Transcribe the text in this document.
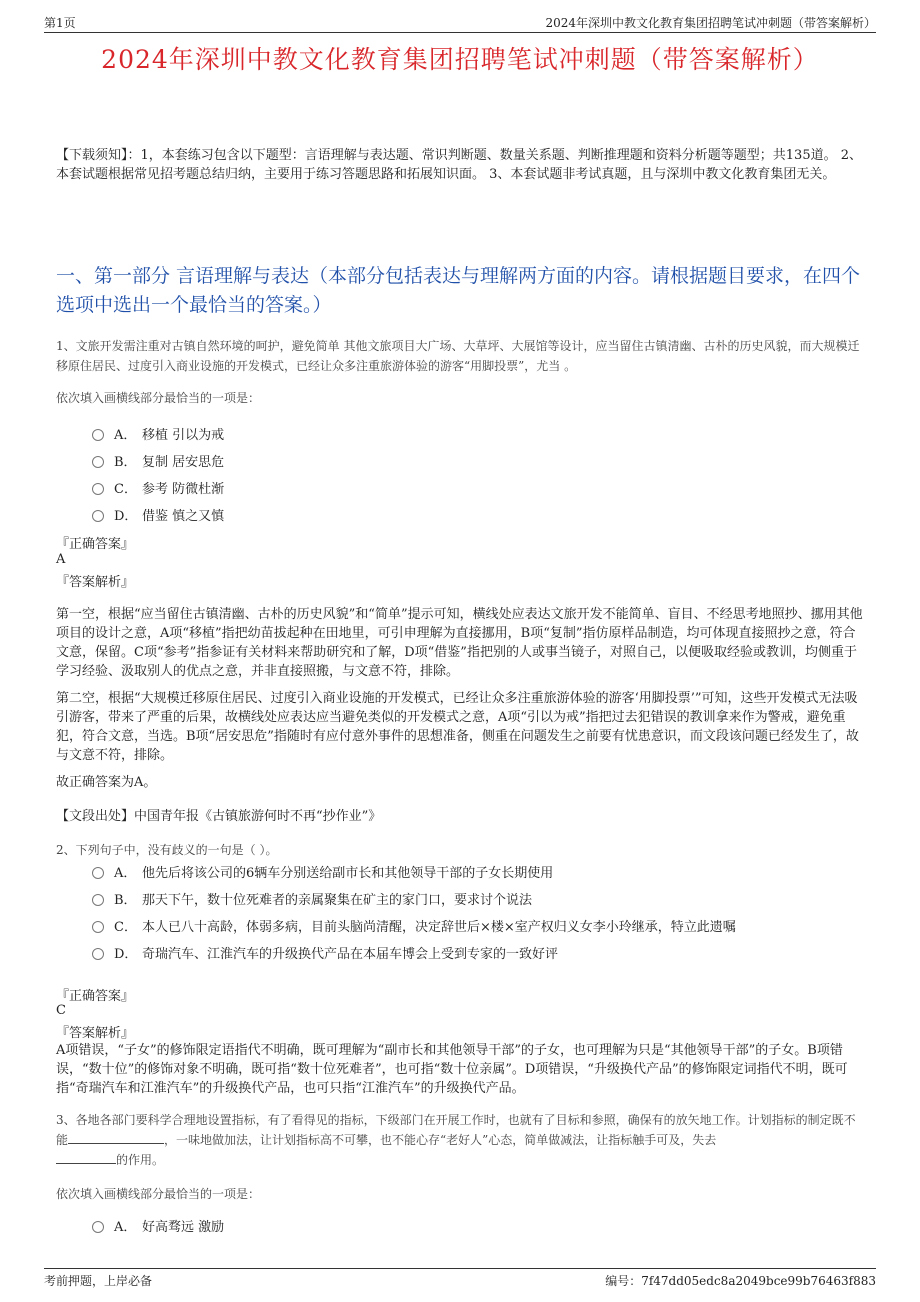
第1页	2024年深圳中教文化教育集团招聘笔试冲刺题（带答案解析）
2024年深圳中教文化教育集团招聘笔试冲刺题（带答案解析）
【下载须知】：1，本套练习包含以下题型：言语理解与表达题、常识判断题、数量关系题、判断推理题和资料分析题等题型；共135道。 2、本套试题根据常见招考题总结归纳，主要用于练习答题思路和拓展知识面。 3、本套试题非考试真题，且与深圳中教文化教育集团无关。
一、第一部分 言语理解与表达（本部分包括表达与理解两方面的内容。请根据题目要求，在四个选项中选出一个最恰当的答案。）
1、文旅开发需注重对古镇自然环境的呵护，避免简单 其他文旅项目大广场、大草坪、大展馆等设计，应当留住古镇清幽、古朴的历史风貌，而大规模迁移原住居民、过度引入商业设施的开发模式，已经让众多注重旅游体验的游客“用脚投票”，尤当 。
依次填入画横线部分最恰当的一项是：
A． 移植 引以为戒
B． 复制 居安思危
C． 参考 防微杜渐
D． 借鉴 慎之又慎
『正确答案』
A
『答案解析』
第一空，根据“应当留住古镇清幽、古朴的历史风貌”和“简单”提示可知，横线处应表达文旅开发不能简单、盲目、不经思考地照抄、挪用其他项目的设计之意，A项“移植”指把幼苗拔起种在田地里，可引申理解为直接挪用，B项“复制”指仿原样品制造，均可体现直接照抄之意，符合文意，保留。C项“参考”指参证有关材料来帮助研究和了解，D项“借鉴”指把别的人或事当镜子，对照自己，以便吸取经验或教训，均侧重于学习经验、汲取别人的优点之意，并非直接照搬，与文意不符，排除。
第二空，根据“大规模迁移原住居民、过度引入商业设施的开发模式，已经让众多注重旅游体验的游客‘用脚投票’”可知，这些开发模式无法吸引游客，带来了严重的后果，故横线处应表达应当避免类似的开发模式之意，A项“引以为戒”指把过去犯错误的教训拿来作为警戒，避免重犯，符合文意，当选。B项“居安思危”指随时有应付意外事件的思想准备，侧重在问题发生之前要有忧患意识，而文段该问题已经发生了，故与文意不符，排除。
故正确答案为A。
【文段出处】中国青年报《古镇旅游何时不再“抄作业”》
2、下列句子中，没有歧义的一句是（ ）。
A． 他先后将该公司的6辆车分别送给副市长和其他领导干部的子女长期使用
B． 那天下午，数十位死难者的亲属聚集在矿主的家门口，要求讨个说法
C． 本人已八十高龄，体弱多病，目前头脑尚清醒，决定辞世后×楼×室产权归义女李小玲继承，特立此遗嘱
D． 奇瑞汽车、江淮汽车的升级换代产品在本届车博会上受到专家的一致好评
『正确答案』
C
『答案解析』
A项错误，“子女”的修饰限定语指代不明确，既可理解为“副市长和其他领导干部”的子女，也可理解为只是“其他领导干部”的子女。B项错误，“数十位”的修饰对象不明确，既可指“数十位死难者”，也可指“数十位亲属”。D项错误，“升级换代产品”的修饰限定词指代不明，既可指“奇瑞汽车和江淮汽车”的升级换代产品，也可只指“江淮汽车”的升级换代产品。
3、各地各部门要科学合理地设置指标，有了看得见的指标，下级部门在开展工作时，也就有了目标和参照，确保有的放矢地工作。计划指标的制定既不能	，一味地做加法，让计划指标高不可攀，也不能心存“老好人”心态，简单做减法，让指标触手可及，失去
的作用。
依次填入画横线部分最恰当的一项是：
A． 好高骛远 激励
考前押题，上岸必备	编号：7f47dd05edc8a2049bce99b76463f883
